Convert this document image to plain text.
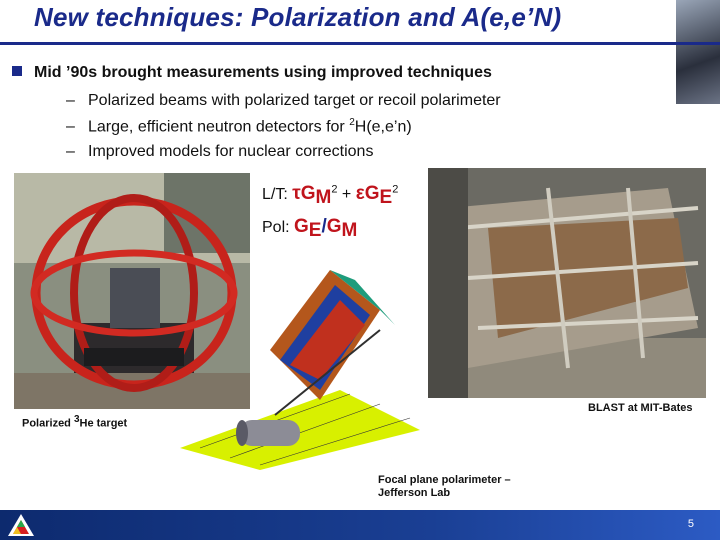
New techniques: Polarization and A(e,e’N)
Mid ’90s brought measurements using improved techniques
– Polarized beams with polarized target or recoil polarimeter
– Large, efficient neutron detectors for $^2$H(e,e’n)
– Improved models for nuclear corrections
Polarized $^3$He target
L/T: $\tau G_M^2 + \varepsilon G_E^2$
Pol: $G_E/G_M$
BLAST at MIT-Bates
Focal plane polarimeter –
Jefferson Lab
5
